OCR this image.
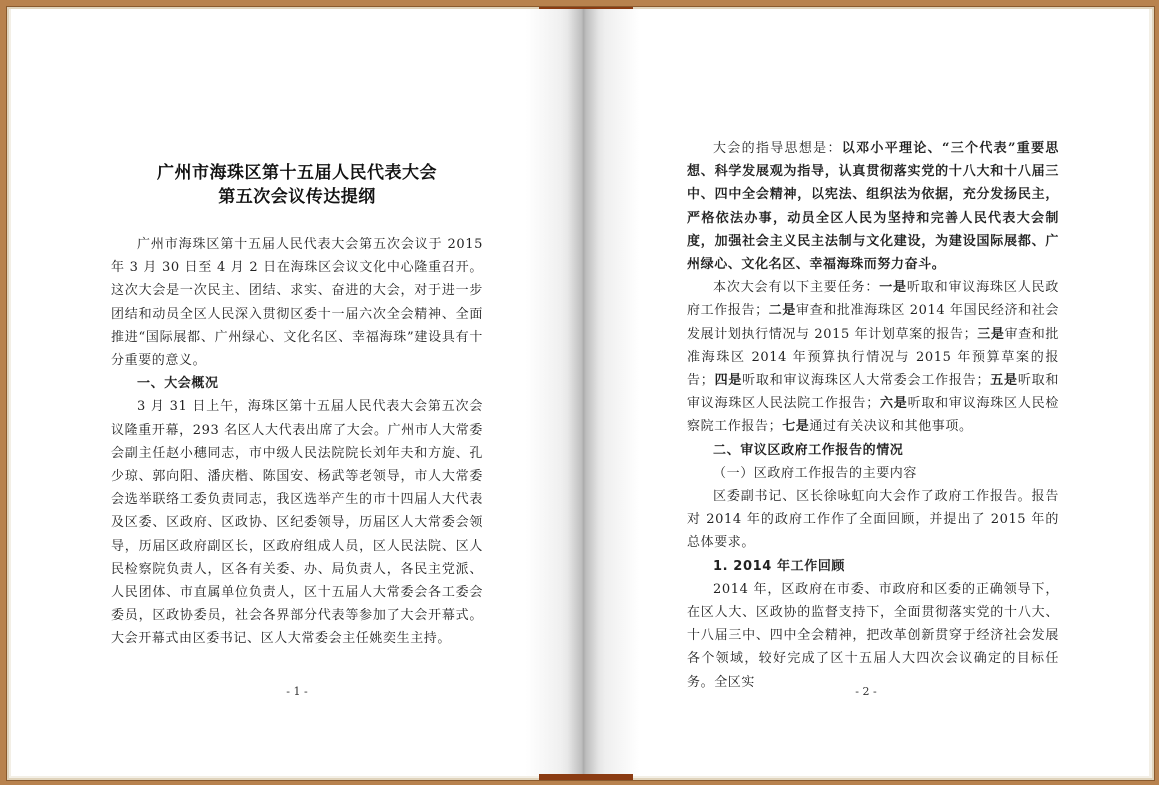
广州市海珠区第十五届人民代表大会
第五次会议传达提纲

广州市海珠区第十五届人民代表大会第五次会议于 2015 年 3 月 30 日至 4 月 2 日在海珠区会议文化中心隆重召开。这次大会是一次民主、团结、求实、奋进的大会，对于进一步团结和动员全区人民深入贯彻区委十一届六次全会精神、全面推进“国际展都、广州绿心、文化名区、幸福海珠”建设具有十分重要的意义。

一、大会概况

3 月 31 日上午，海珠区第十五届人民代表大会第五次会议隆重开幕，293 名区人大代表出席了大会。广州市人大常委会副主任赵小穗同志，市中级人民法院院长刘年夫和方旋、孔少琼、郭向阳、潘庆楷、陈国安、杨武等老领导，市人大常委会选举联络工委负责同志，我区选举产生的市十四届人大代表及区委、区政府、区政协、区纪委领导，历届区人大常委会领导，历届区政府副区长，区政府组成人员，区人民法院、区人民检察院负责人，区各有关委、办、局负责人，各民主党派、人民团体、市直属单位负责人，区十五届人大常委会各工委会委员，区政协委员，社会各界部分代表等参加了大会开幕式。大会开幕式由区委书记、区人大常委会主任姚奕生主持。

- 1 -

大会的指导思想是：以邓小平理论、“三个代表”重要思想、科学发展观为指导，认真贯彻落实党的十八大和十八届三中、四中全会精神，以宪法、组织法为依据，充分发扬民主，严格依法办事，动员全区人民为坚持和完善人民代表大会制度，加强社会主义民主法制与文化建设，为建设国际展都、广州绿心、文化名区、幸福海珠而努力奋斗。

本次大会有以下主要任务：一是听取和审议海珠区人民政府工作报告；二是审查和批准海珠区 2014 年国民经济和社会发展计划执行情况与 2015 年计划草案的报告；三是审查和批准海珠区 2014 年预算执行情况与 2015 年预算草案的报告；四是听取和审议海珠区人大常委会工作报告；五是听取和审议海珠区人民法院工作报告；六是听取和审议海珠区人民检察院工作报告；七是通过有关决议和其他事项。

二、审议区政府工作报告的情况

（一）区政府工作报告的主要内容

区委副书记、区长徐咏虹向大会作了政府工作报告。报告对 2014 年的政府工作作了全面回顾，并提出了 2015 年的总体要求。

1. 2014 年工作回顾

2014 年，区政府在市委、市政府和区委的正确领导下，在区人大、区政协的监督支持下，全面贯彻落实党的十八大、十八届三中、四中全会精神，把改革创新贯穿于经济社会发展各个领域，较好完成了区十五届人大四次会议确定的目标任务。全区实

- 2 -
